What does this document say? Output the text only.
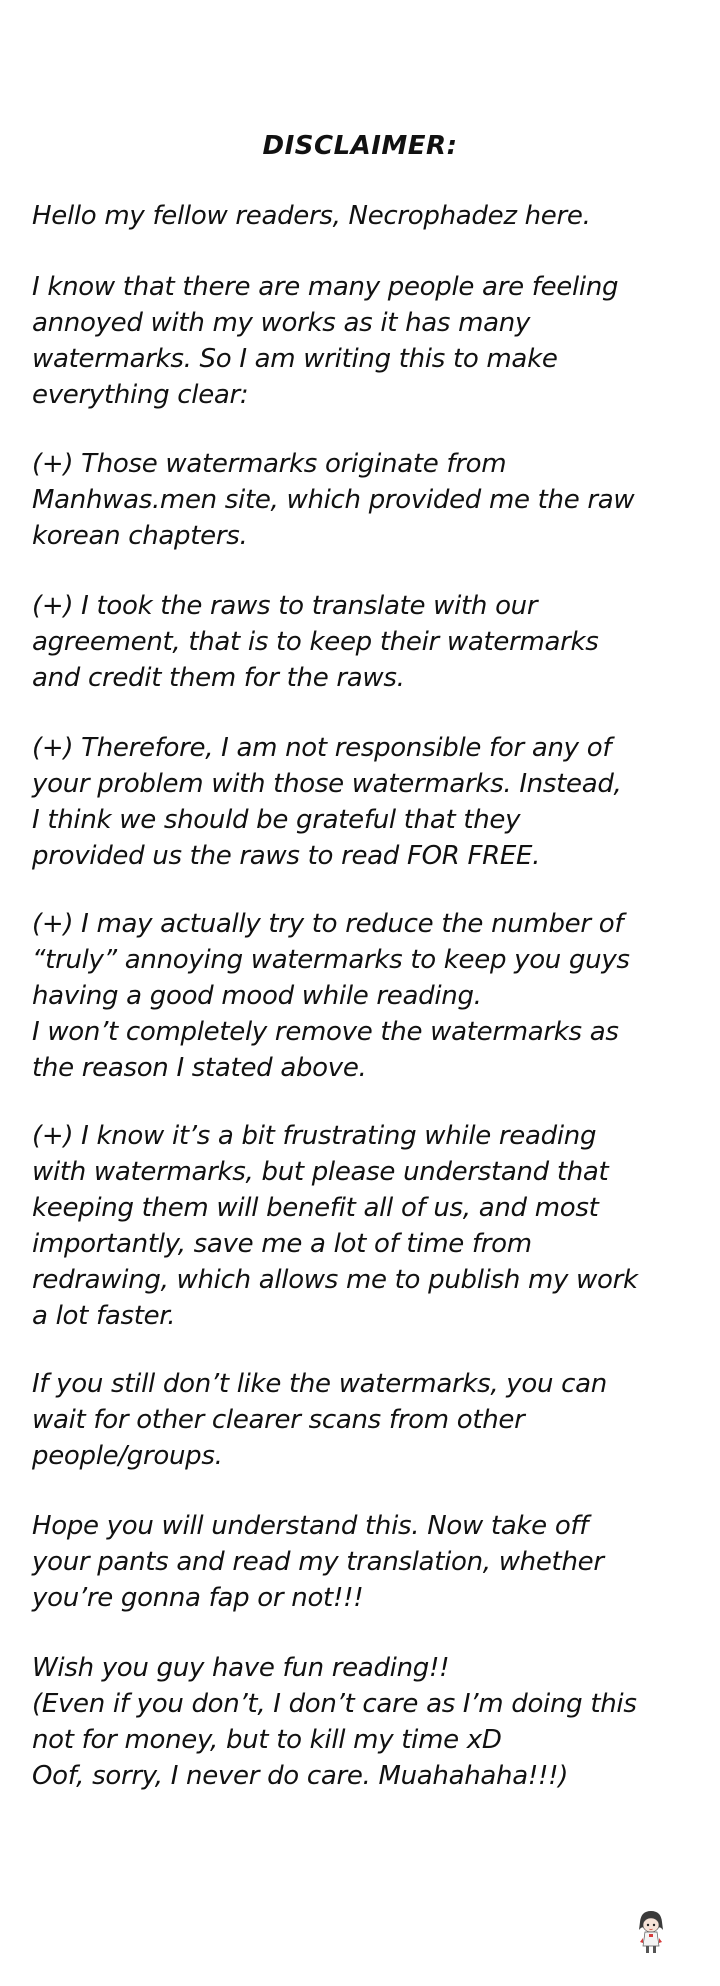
DISCLAIMER:
Hello my fellow readers, Necrophadez here.
I know that there are many people are feeling
annoyed with my works as it has many
watermarks. So I am writing this to make
everything clear:
(+) Those watermarks originate from
Manhwas.men site, which provided me the raw
korean chapters.
(+) I took the raws to translate with our
agreement, that is to keep their watermarks
and credit them for the raws.
(+) Therefore, I am not responsible for any of
your problem with those watermarks. Instead,
I think we should be grateful that they
provided us the raws to read FOR FREE.
(+) I may actually try to reduce the number of
“truly” annoying watermarks to keep you guys
having a good mood while reading.
I won’t completely remove the watermarks as
the reason I stated above.
(+) I know it’s a bit frustrating while reading
with watermarks, but please understand that
keeping them will benefit all of us, and most
importantly, save me a lot of time from
redrawing, which allows me to publish my work
a lot faster.
If you still don’t like the watermarks, you can
wait for other clearer scans from other
people/groups.
Hope you will understand this. Now take off
your pants and read my translation, whether
you’re gonna fap or not!!!
Wish you guy have fun reading!!
(Even if you don’t, I don’t care as I’m doing this
not for money, but to kill my time xD
Oof, sorry, I never do care. Muahahaha!!!)
